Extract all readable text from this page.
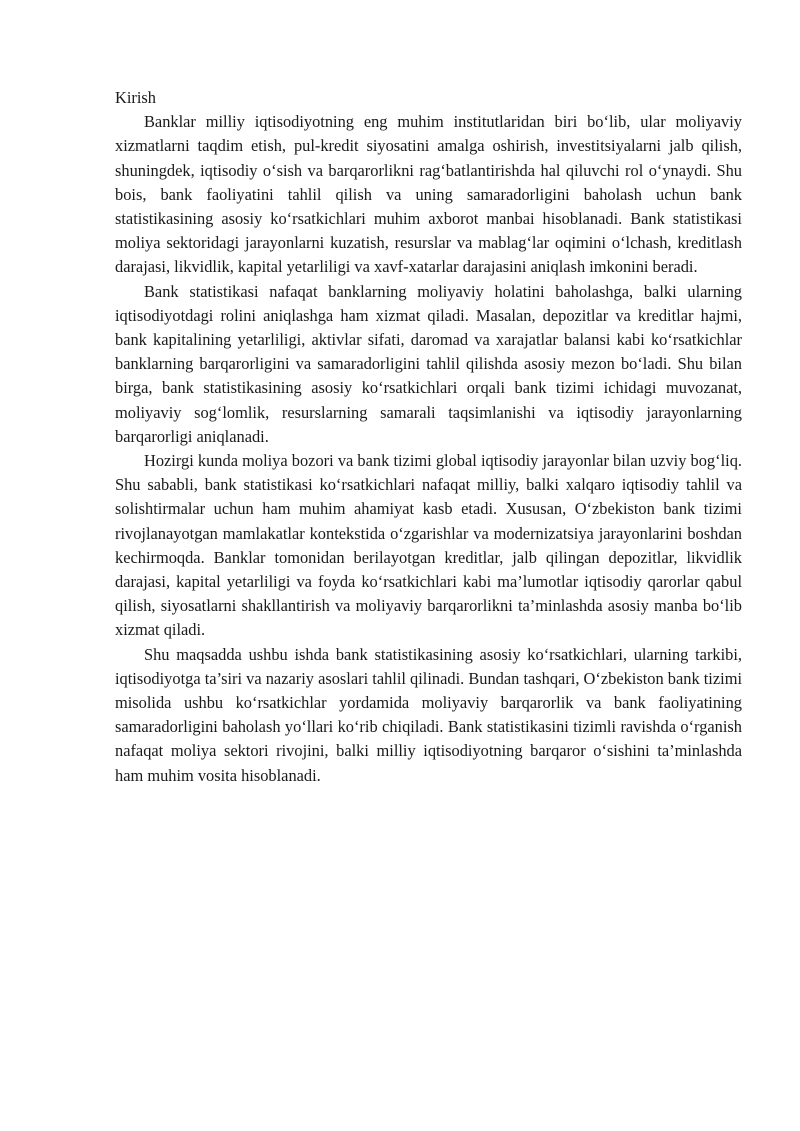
Kirish

Banklar milliy iqtisodiyotning eng muhim institutlaridan biri bo‘lib, ular moliyaviy xizmatlarni taqdim etish, pul-kredit siyosatini amalga oshirish, investitsiyalarni jalb qilish, shuningdek, iqtisodiy o‘sish va barqarorlikni rag‘batlantirishda hal qiluvchi rol o‘ynaydi. Shu bois, bank faoliyatini tahlil qilish va uning samaradorligini baholash uchun bank statistikasining asosiy ko‘rsatkichlari muhim axborot manbai hisoblanadi. Bank statistikasi moliya sektoridagi jarayonlarni kuzatish, resurslar va mablag‘lar oqimini o‘lchash, kreditlash darajasi, likvidlik, kapital yetarliligi va xavf-xatarlar darajasini aniqlash imkonini beradi.

Bank statistikasi nafaqat banklarning moliyaviy holatini baholashga, balki ularning iqtisodiyotdagi rolini aniqlashga ham xizmat qiladi. Masalan, depozitlar va kreditlar hajmi, bank kapitalining yetarliligi, aktivlar sifati, daromad va xarajatlar balansi kabi ko‘rsatkichlar banklarning barqarorligini va samaradorligini tahlil qilishda asosiy mezon bo‘ladi. Shu bilan birga, bank statistikasining asosiy ko‘rsatkichlari orqali bank tizimi ichidagi muvozanat, moliyaviy sog‘lomlik, resurslarning samarali taqsimlanishi va iqtisodiy jarayonlarning barqarorligi aniqlanadi.

Hozirgi kunda moliya bozori va bank tizimi global iqtisodiy jarayonlar bilan uzviy bog‘liq. Shu sababli, bank statistikasi ko‘rsatkichlari nafaqat milliy, balki xalqaro iqtisodiy tahlil va solishtirmalar uchun ham muhim ahamiyat kasb etadi. Xususan, O‘zbekiston bank tizimi rivojlanayotgan mamlakatlar kontekstida o‘zgarishlar va modernizatsiya jarayonlarini boshdan kechirmoqda. Banklar tomonidan berilayotgan kreditlar, jalb qilingan depozitlar, likvidlik darajasi, kapital yetarliligi va foyda ko‘rsatkichlari kabi ma’lumotlar iqtisodiy qarorlar qabul qilish, siyosatlarni shakllantirish va moliyaviy barqarorlikni ta’minlashda asosiy manba bo‘lib xizmat qiladi.

Shu maqsadda ushbu ishda bank statistikasining asosiy ko‘rsatkichlari, ularning tarkibi, iqtisodiyotga ta’siri va nazariy asoslari tahlil qilinadi. Bundan tashqari, O‘zbekiston bank tizimi misolida ushbu ko‘rsatkichlar yordamida moliyaviy barqarorlik va bank faoliyatining samaradorligini baholash yo‘llari ko‘rib chiqiladi. Bank statistikasini tizimli ravishda o‘rganish nafaqat moliya sektori rivojini, balki milliy iqtisodiyotning barqaror o‘sishini ta’minlashda ham muhim vosita hisoblanadi.
